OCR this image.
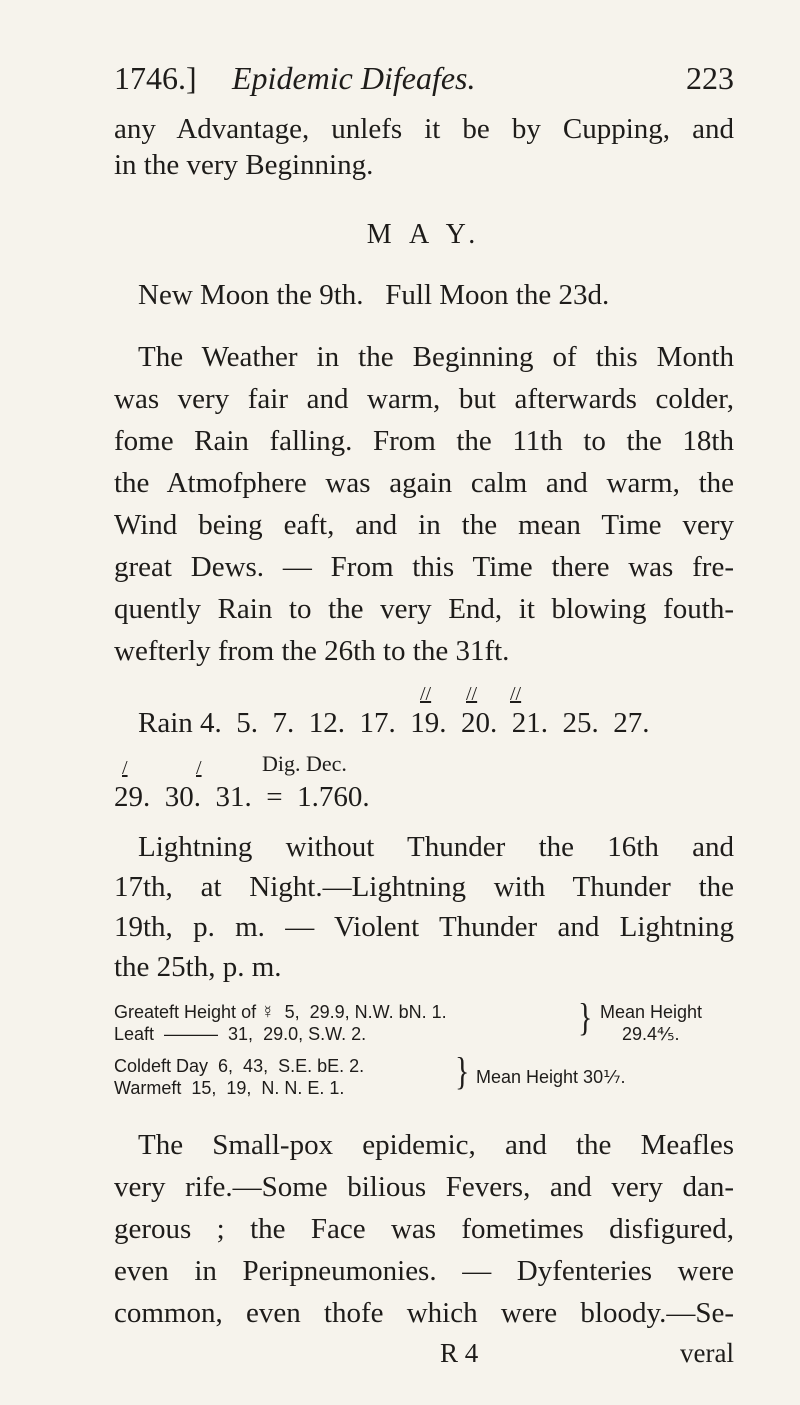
1746.] Epidemic Difeafes.	223
any Advantage, unlefs it be by Cupping, and
in the very Beginning.
M A Y.
New Moon the 9th.   Full Moon the 23d.
The Weather in the Beginning of this Month
was very fair and warm, but afterwards colder,
fome Rain falling. From the 11th to the 18th
the Atmofphere was again calm and warm, the
Wind being eaft, and in the mean Time very
great Dews. — From this Time there was fre-
quently Rain to the very End, it blowing fouth-
wefterly from the 26th to the 31ft.
// // //
Rain 4.  5.  7.  12.  17.  19.  20.  21.  25.  27.
/	/	Dig. Dec.
29.  30.  31.  =  1.760.
Lightning without Thunder the 16th and
17th, at Night.—Lightning with Thunder the
19th, p. m. — Violent Thunder and Lightning
the 25th, p. m.
Greateft Height of ☿  5,  29.9, N.W. bN. 1.
Leaft  ———  31,  29.0, S.W. 2.	} Mean Height
29.4⅘.
Coldeft Day  6,  43,  S.E. bE. 2.
Warmeft  15,  19,  N. N. E. 1.	} Mean Height 30⅐.
The Small-pox epidemic, and the Meafles
very rife.—Some bilious Fevers, and very dan-
gerous ; the Face was fometimes disfigured,
even in Peripneumonies. — Dyfenteries were
common, even thofe which were bloody.—Se-
R 4	veral
